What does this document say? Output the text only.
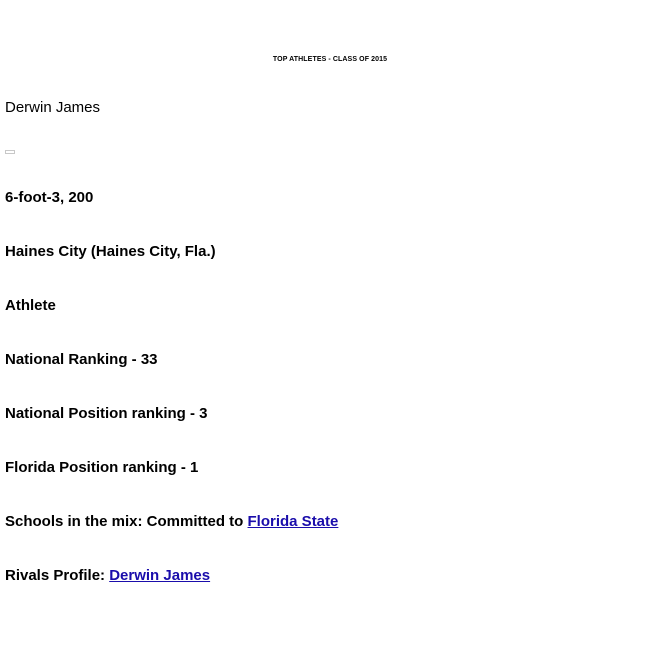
TOP ATHLETES - CLASS OF 2015
Derwin James
6-foot-3, 200
Haines City (Haines City, Fla.)
Athlete
National Ranking - 33
National Position ranking - 3
Florida Position ranking - 1
Schools in the mix: Committed to Florida State
Rivals Profile: Derwin James
